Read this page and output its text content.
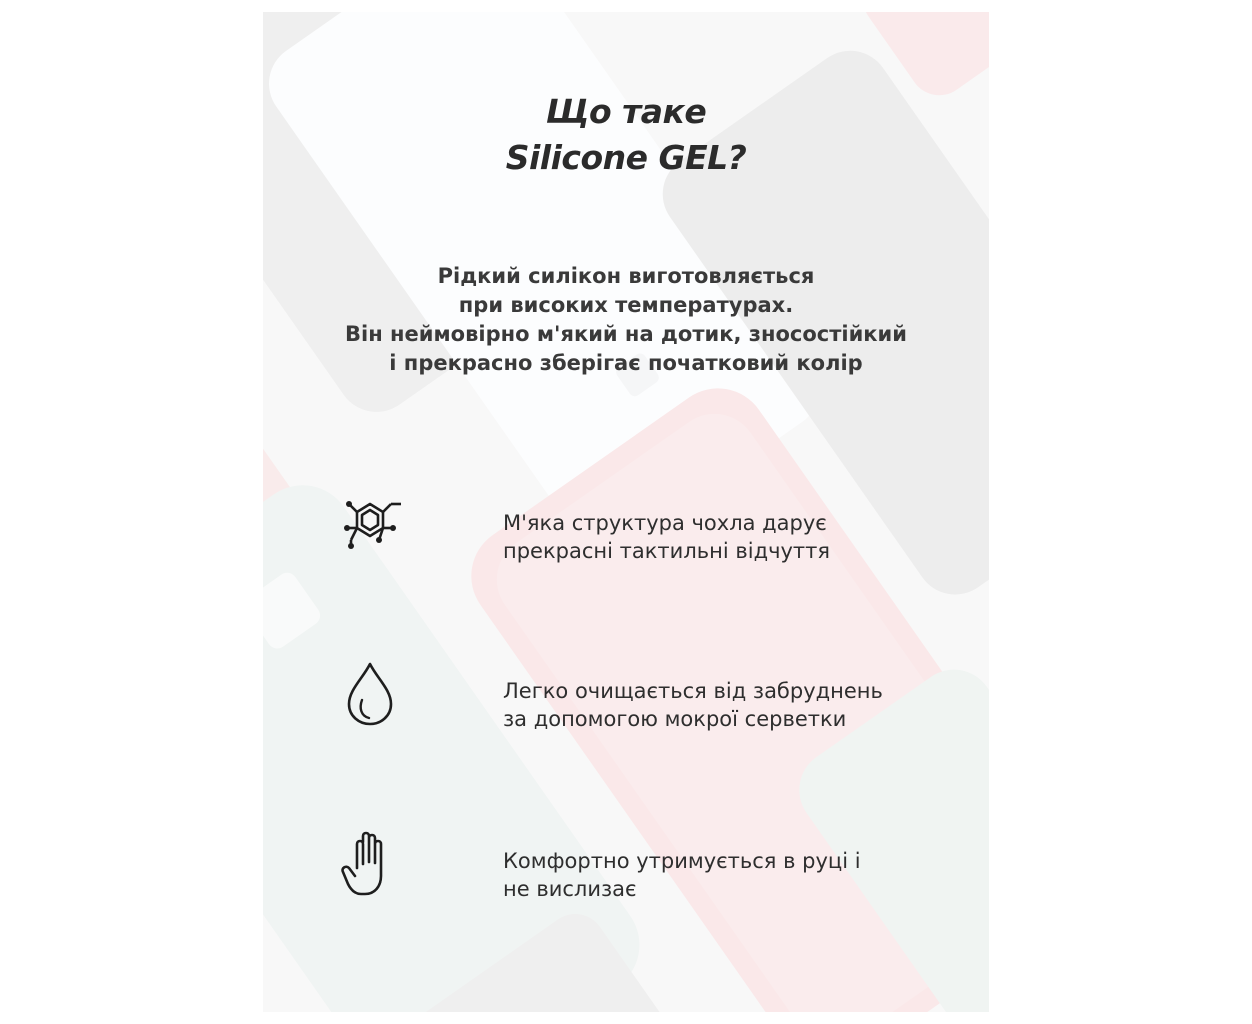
Що таке
Silicone GEL?
Рідкий силікон виготовляється
при високих температурах.
Він неймовірно м'який на дотик, зносостійкий
і прекрасно зберігає початковий колір
М'яка структура чохла дарує
прекрасні тактильні відчуття
Легко очищається від забруднень
за допомогою мокрої серветки
Комфортно утримується в руці і
не вислизає
